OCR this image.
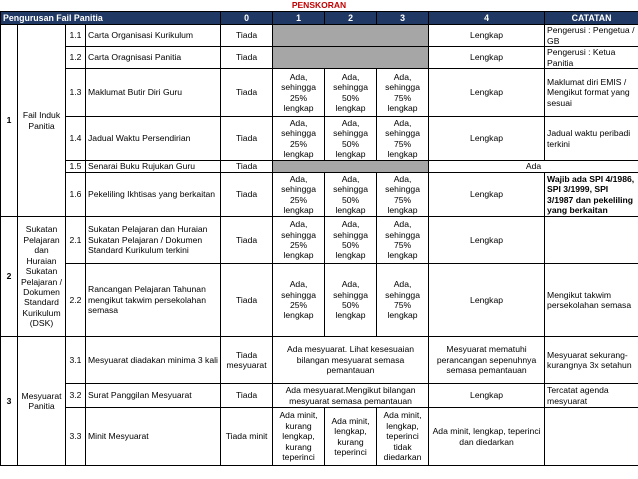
PENSKORAN
Pengurusan Fail Panitia				0	1	2	3	4	CATATAN
1	Fail Induk Panitia	1.1	Carta Organisasi Kurikulum	Tiada				Lengkap	Pengerusi : Pengetua / GB
		1.2	Carta Oragnisasi Panitia	Tiada				Lengkap	Pengerusi : Ketua Panitia
		1.3	Maklumat Butir Diri Guru	Tiada	Ada, sehingga 25% lengkap	Ada, sehingga 50% lengkap	Ada, sehingga 75% lengkap	Lengkap	Maklumat diri EMIS / Mengikut format yang sesuai
		1.4	Jadual Waktu Persendirian	Tiada	Ada, sehingga 25% lengkap	Ada, sehingga 50% lengkap	Ada, sehingga 75% lengkap	Lengkap	Jadual waktu peribadi terkini
		1.5	Senarai Buku Rujukan Guru	Tiada				Ada	
		1.6	Pekeliling Ikhtisas yang berkaitan	Tiada	Ada, sehingga 25% lengkap	Ada, sehingga 50% lengkap	Ada, sehingga 75% lengkap	Lengkap	Wajib ada SPI 4/1986, SPI 3/1999, SPI 3/1987 dan pekeliling yang berkaitan
2	Sukatan Pelajaran dan Huraian Sukatan Pelajaran / Dokumen Standard Kurikulum (DSK)	2.1	Sukatan Pelajaran dan Huraian Sukatan Pelajaran / Dokumen Standard Kurikulum terkini	Tiada	Ada, sehingga 25% lengkap	Ada, sehingga 50% lengkap	Ada, sehingga 75% lengkap	Lengkap	
		2.2	Rancangan Pelajaran Tahunan mengikut takwim persekolahan semasa	Tiada	Ada, sehingga 25% lengkap	Ada, sehingga 50% lengkap	Ada, sehingga 75% lengkap	Lengkap	Mengikut takwim persekolahan semasa
3	Mesyuarat Panitia	3.1	Mesyuarat diadakan minima 3 kali	Tiada mesyuarat	Ada mesyuarat. Lihat kesesuaian bilangan mesyuarat semasa pemantauan			Mesyuarat mematuhi perancangan sepenuhnya semasa pemantauan	Mesyuarat sekurang-kurangnya 3x setahun
		3.2	Surat Panggilan Mesyuarat	Tiada	Ada mesyuarat.Mengikut bilangan mesyuarat semasa pemantauan			Lengkap	Tercatat agenda mesyuarat
		3.3	Minit Mesyuarat	Tiada minit	Ada minit, kurang lengkap, kurang teperinci	Ada minit, lengkap, kurang teperinci	Ada minit, lengkap, teperinci tidak diedarkan	Ada minit, lengkap, teperinci dan diedarkan	
